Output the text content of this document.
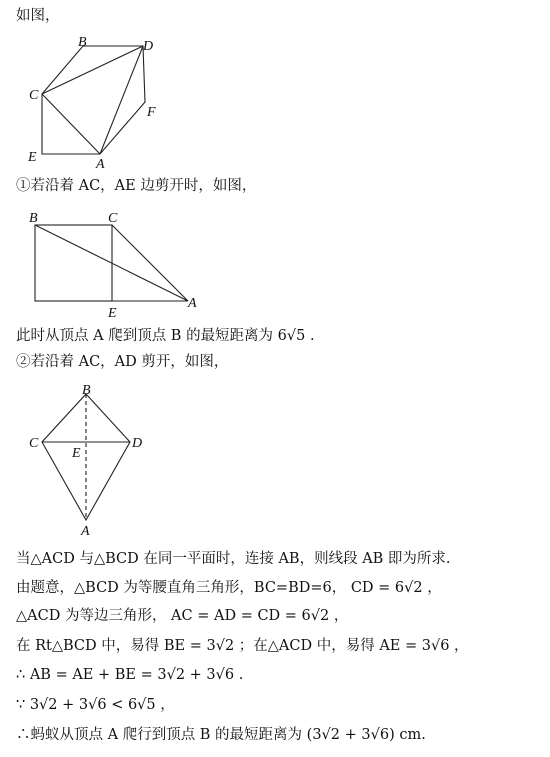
如图，
B	D
C
F
E	A
①若沿着 AC，AE 边剪开时，如图，
B	C
E
A
此时从顶点 A 爬到顶点 B 的最短距离为 6√5 .
②若沿着 AC，AD 剪开，如图，
B
C	D
E
A
当△ACD 与△BCD 在同一平面时，连接 AB，则线段 AB 即为所求.
由题意，△BCD 为等腰直角三角形，BC=BD=6， CD = 6√2 ，
△ACD 为等边三角形， AC = AD = CD = 6√2 ，
在 Rt△BCD 中，易得 BE = 3√2 ；在△ACD 中，易得 AE = 3√6 ，
∴ AB = AE + BE = 3√2 + 3√6 .
∵ 3√2 + 3√6 < 6√5 ，
∴蚂蚁从顶点 A 爬行到顶点 B 的最短距离为 (3√2 + 3√6) cm.
